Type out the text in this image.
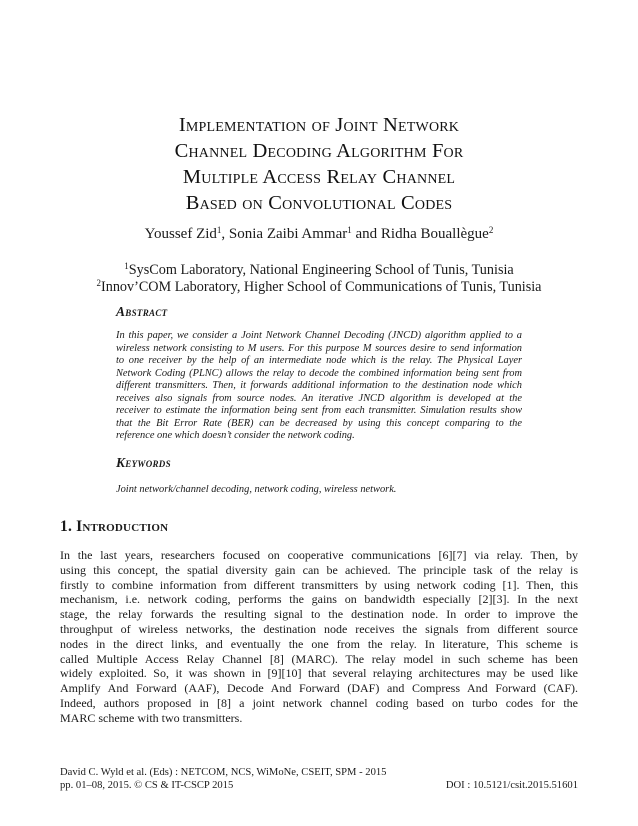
Implementation of Joint Network
Channel Decoding Algorithm For
Multiple Access Relay Channel
Based on Convolutional Codes
Youssef Zid$^1$, Sonia Zaibi Ammar$^1$ and Ridha Bouallègue$^2$
$^1$SysCom Laboratory, National Engineering School of Tunis, Tunisia
$^2$Innov’COM Laboratory, Higher School of Communications of Tunis, Tunisia
Abstract
In this paper, we consider a Joint Network Channel Decoding (JNCD) algorithm applied to a
wireless network consisting to M users. For this purpose M sources desire to send information
to one receiver by the help of an intermediate node which is the relay. The Physical Layer
Network Coding (PLNC) allows the relay to decode the combined information being sent from
different transmitters. Then, it forwards additional information to the destination node which
receives also signals from source nodes. An iterative JNCD algorithm is developed at the
receiver to estimate the information being sent from each transmitter. Simulation results show
that the Bit Error Rate (BER) can be decreased by using this concept comparing to the
reference one which doesn’t consider the network coding.
Keywords
Joint network/channel decoding, network coding, wireless network.
1. Introduction
In the last years, researchers focused on cooperative communications [6][7] via relay. Then, by
using this concept, the spatial diversity gain can be achieved. The principle task of the relay is
firstly to combine information from different transmitters by using network coding [1]. Then, this
mechanism, i.e. network coding, performs the gains on bandwidth especially [2][3]. In the next
stage, the relay forwards the resulting signal to the destination node. In order to improve the
throughput of wireless networks, the destination node receives the signals from different source
nodes in the direct links, and eventually the one from the relay. In literature, This scheme is
called Multiple Access Relay Channel [8] (MARC). The relay model in such scheme has been
widely exploited. So, it was shown in [9][10] that several relaying architectures may be used like
Amplify And Forward (AAF), Decode And Forward (DAF) and Compress And Forward (CAF).
Indeed, authors proposed in [8] a joint network channel coding based on turbo codes for the
MARC scheme with two transmitters.
David C. Wyld et al. (Eds) : NETCOM, NCS, WiMoNe, CSEIT, SPM - 2015
pp. 01–08, 2015. © CS & IT-CSCP 2015	DOI : 10.5121/csit.2015.51601
